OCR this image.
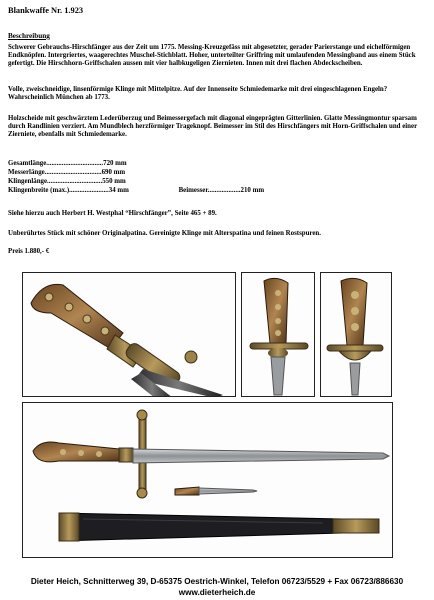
Blankwaffe Nr. 1.923
Beschreibung
Schwerer Gebrauchs-Hirschfänger aus der Zeit um 1775. Messing-Kreuzgefäss mit abgesetzter, gerader Parierstange und eichelförmigen Endknöpfen. Intergriertes, waagerechtes Muschel-Stichblatt. Hoher, unterteilter Griffring mit umlaufenden Messingband aus einem Stück gefertigt. Die Hirschhorn-Griffschalen aussen mit vier halbkugeligen Ziernieten. Innen mit drei flachen Abdeckscheiben.
Volle, zweischneidige, linsenförmige Klinge mit Mittelpitze. Auf der Innenseite Schmiedemarke mit drei eingeschlagenen Engeln? Wahrscheinlich München ab 1773.
Holzscheide mit geschwärztem Lederüberzug und Beimessergefach mit diagonal eingeprägten Gitterlinien. Glatte Messingmontur sparsam durch Randlinien verziert. Am Mundblech herzförmiger Trageknopf. Beimesser im Stil des Hirschfängers mit Horn-Griffschalen und einer Zierniete, ebenfalls mit Schmiedemarke.
Gesamtlänge.................................720 mm
Messerlänge.................................690 mm
Klingenlänge................................550 mm
Klingenbreite (max.).......................34 mm	Beimesser...................210 mm
Siehe hierzu auch Herbert H. Westphal “Hirschfänger”, Seite 465 + 89.
Unberührtes Stück mit schöner Originalpatina. Gereinigte Klinge mit Alterspatina und feinen Rostspuren.
Preis 1.880,- €
Dieter Heich, Schnitterweg 39, D-65375 Oestrich-Winkel, Telefon 06723/5529 + Fax 06723/886630
www.dieterheich.de
